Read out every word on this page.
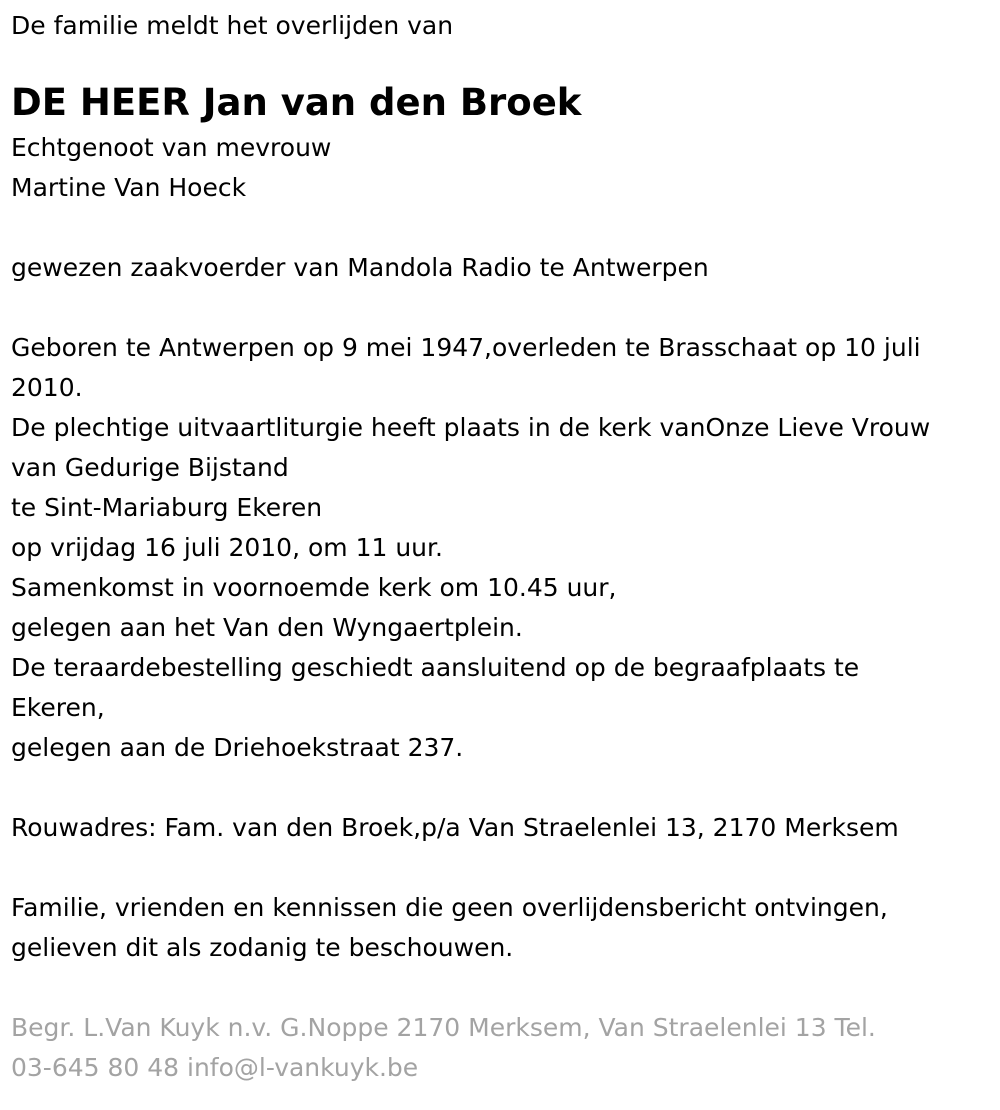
De familie meldt het overlijden van
DE HEER Jan van den Broek
Echtgenoot van mevrouw
Martine Van Hoeck
gewezen zaakvoerder van Mandola Radio te Antwerpen
Geboren te Antwerpen op 9 mei 1947,overleden te Brasschaat op 10 juli
2010.
De plechtige uitvaartliturgie heeft plaats in de kerk vanOnze Lieve Vrouw
van Gedurige Bijstand
te Sint-Mariaburg Ekeren
op vrijdag 16 juli 2010, om 11 uur.
Samenkomst in voornoemde kerk om 10.45 uur,
gelegen aan het Van den Wyngaertplein.
De teraardebestelling geschiedt aansluitend op de begraafplaats te
Ekeren,
gelegen aan de Driehoekstraat 237.
Rouwadres: Fam. van den Broek,p/a Van Straelenlei 13, 2170 Merksem
Familie, vrienden en kennissen die geen overlijdensbericht ontvingen,
gelieven dit als zodanig te beschouwen.
Begr. L.Van Kuyk n.v. G.Noppe 2170 Merksem, Van Straelenlei 13 Tel.
03-645 80 48 info@l-vankuyk.be
